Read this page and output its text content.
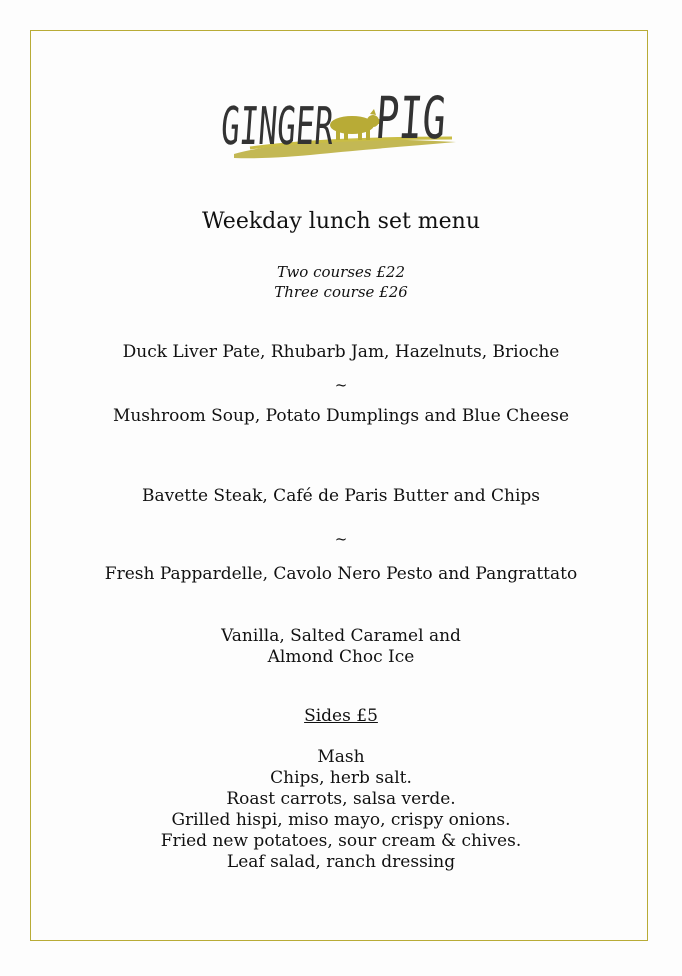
GINGER
PIG
Weekday lunch set menu
Two courses £22
Three course £26
Duck Liver Pate, Rhubarb Jam, Hazelnuts, Brioche
~
Mushroom Soup, Potato Dumplings and Blue Cheese
Bavette Steak, Café de Paris Butter and Chips
~
Fresh Pappardelle, Cavolo Nero Pesto and Pangrattato
Vanilla, Salted Caramel and
Almond Choc Ice
Sides £5
Mash
Chips, herb salt.
Roast carrots, salsa verde.
Grilled hispi, miso mayo, crispy onions.
Fried new potatoes, sour cream & chives.
Leaf salad, ranch dressing
